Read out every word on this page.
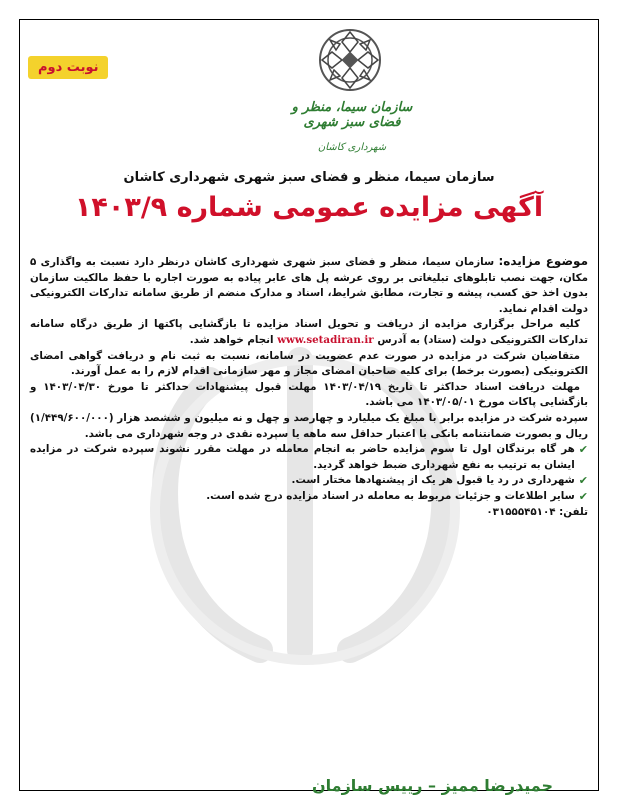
نوبت دوم
سازمان سیما، منظر و فضای سبز شهری
شهرداری کاشان
سازمان سیما، منظر و فضای سبز شهری شهرداری کاشان
آگهی مزایده عمومی شماره ۱۴۰۳/۹

موضوع مزایده: سازمان سیما، منظر و فضای سبز شهری شهرداری کاشان درنظر دارد نسبت به واگذاری ۵ مکان، جهت نصب تابلوهای تبلیغاتی بر روی عرشه پل های عابر پیاده به صورت اجاره با حفظ مالکیت سازمان بدون اخذ حق کسب، پیشه و تجارت، مطابق شرایط، اسناد و مدارک منضم از طریق سامانه تدارکات الکترونیکی دولت اقدام نماید.

کلیه مراحل برگزاری مزایده از دریافت و تحویل اسناد مزایده تا بازگشایی پاکتها از طریق درگاه سامانه تدارکات الکترونیکی دولت (ستاد) به آدرس www.setadiran.ir انجام خواهد شد.

متقاضیان شرکت در مزایده در صورت عدم عضویت در سامانه، نسبت به ثبت نام و دریافت گواهی امضای الکترونیکی (بصورت برخط) برای کلیه صاحبان امضای مجاز و مهر سازمانی اقدام لازم را به عمل آورند.

مهلت دریافت اسناد حداکثر تا تاریخ ۱۴۰۳/۰۴/۱۹ مهلت قبول پیشنهادات حداکثر تا مورخ ۱۴۰۳/۰۴/۳۰ و بازگشایی پاکات مورخ ۱۴۰۳/۰۵/۰۱ می باشد.

سپرده شرکت در مزایده برابر با مبلغ یک میلیارد و چهارصد و چهل و نه میلیون و ششصد هزار (۱/۴۴۹/۶۰۰/۰۰۰) ریال و بصورت ضمانتنامه بانکی با اعتبار حداقل سه ماهه یا سپرده نقدی در وجه شهرداری می باشد.

✔
هر گاه برندگان اول تا سوم مزایده حاضر به انجام معامله در مهلت مقرر نشوند سپرده شرکت در مزایده ایشان به ترتیب به نفع شهرداری ضبط خواهد گردید.
✔
شهرداری در رد یا قبول هر یک از پیشنهادها مختار است.
✔
سایر اطلاعات و جزئیات مربوط به معامله در اسناد مزایده درج شده است.

تلفن: ۰۳۱۵۵۵۴۵۱۰۴

حمیدرضا ممیز – رییس سازمان
